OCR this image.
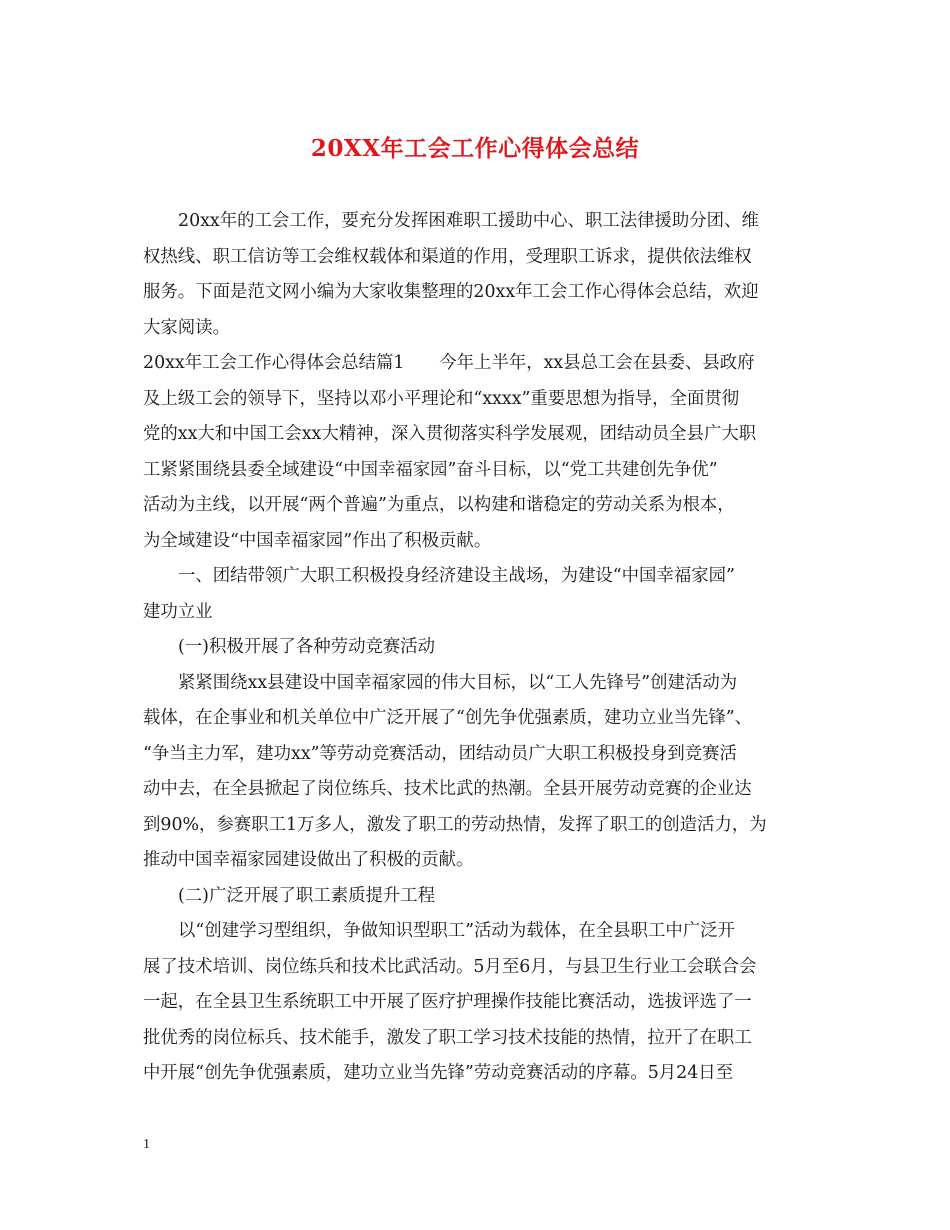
20XX年工会工作心得体会总结
20xx年的工会工作，要充分发挥困难职工援助中心、职工法律援助分团、维
权热线、职工信访等工会维权载体和渠道的作用，受理职工诉求，提供依法维权
服务。下面是范文网小编为大家收集整理的20xx年工会工作心得体会总结，欢迎
大家阅读。
20xx年工会工作心得体会总结篇1　　今年上半年，xx县总工会在县委、县政府
及上级工会的领导下，坚持以邓小平理论和“xxxx”重要思想为指导，全面贯彻
党的xx大和中国工会xx大精神，深入贯彻落实科学发展观，团结动员全县广大职
工紧紧围绕县委全域建设“中国幸福家园”奋斗目标，以“党工共建创先争优”
活动为主线，以开展“两个普遍”为重点，以构建和谐稳定的劳动关系为根本，
为全域建设“中国幸福家园”作出了积极贡献。
一、团结带领广大职工积极投身经济建设主战场，为建设“中国幸福家园”
建功立业
(一)积极开展了各种劳动竞赛活动
紧紧围绕xx县建设中国幸福家园的伟大目标，以“工人先锋号”创建活动为
载体，在企事业和机关单位中广泛开展了“创先争优强素质，建功立业当先锋”、
“争当主力军，建功xx”等劳动竞赛活动，团结动员广大职工积极投身到竞赛活
动中去，在全县掀起了岗位练兵、技术比武的热潮。全县开展劳动竞赛的企业达
到90%，参赛职工1万多人，激发了职工的劳动热情，发挥了职工的创造活力，为
推动中国幸福家园建设做出了积极的贡献。
(二)广泛开展了职工素质提升工程
以“创建学习型组织，争做知识型职工”活动为载体，在全县职工中广泛开
展了技术培训、岗位练兵和技术比武活动。5月至6月，与县卫生行业工会联合会
一起，在全县卫生系统职工中开展了医疗护理操作技能比赛活动，选拔评选了一
批优秀的岗位标兵、技术能手，激发了职工学习技术技能的热情，拉开了在职工
中开展“创先争优强素质，建功立业当先锋”劳动竞赛活动的序幕。5月24日至
1
